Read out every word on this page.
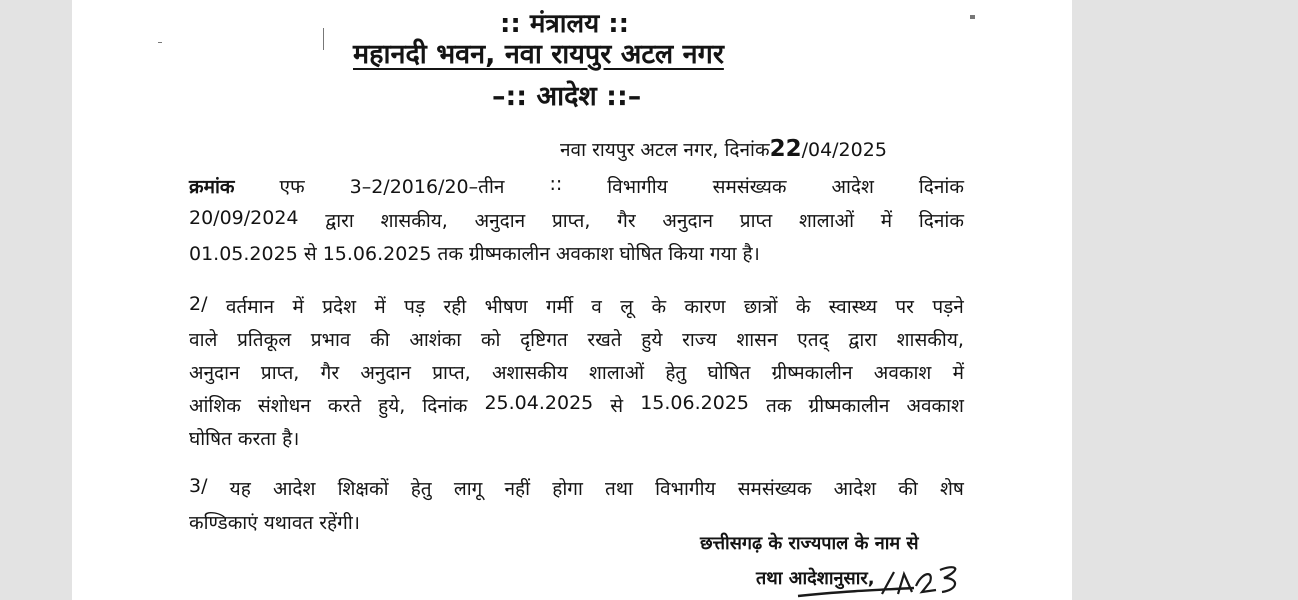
:: मंत्रालय ::
महानदी भवन, नवा रायपुर अटल नगर
–:: आदेश ::–
नवा रायपुर अटल नगर, दिनांक22/04/2025
क्रमांक एफ 3–2/2016/20–तीन :: विभागीय समसंख्यक आदेश दिनांक
20/09/2024 द्वारा शासकीय, अनुदान प्राप्त, गैर अनुदान प्राप्त शालाओं में दिनांक
01.05.2025 से 15.06.2025 तक ग्रीष्मकालीन अवकाश घोषित किया गया है।
2/ वर्तमान में प्रदेश में पड़ रही भीषण गर्मी व लू के कारण छात्रों के स्वास्थ्य पर पड़ने
वाले प्रतिकूल प्रभाव की आशंका को दृष्टिगत रखते हुये राज्य शासन एतद् द्वारा शासकीय,
अनुदान प्राप्त, गैर अनुदान प्राप्त, अशासकीय शालाओं हेतु घोषित ग्रीष्मकालीन अवकाश में
आंशिक संशोधन करते हुये, दिनांक 25.04.2025 से 15.06.2025 तक ग्रीष्मकालीन अवकाश
घोषित करता है।
3/ यह आदेश शिक्षकों हेतु लागू नहीं होगा तथा विभागीय समसंख्यक आदेश की शेष
कण्डिकाएं यथावत रहेंगी।
छत्तीसगढ़ के राज्यपाल के नाम से
तथा आदेशानुसार,
